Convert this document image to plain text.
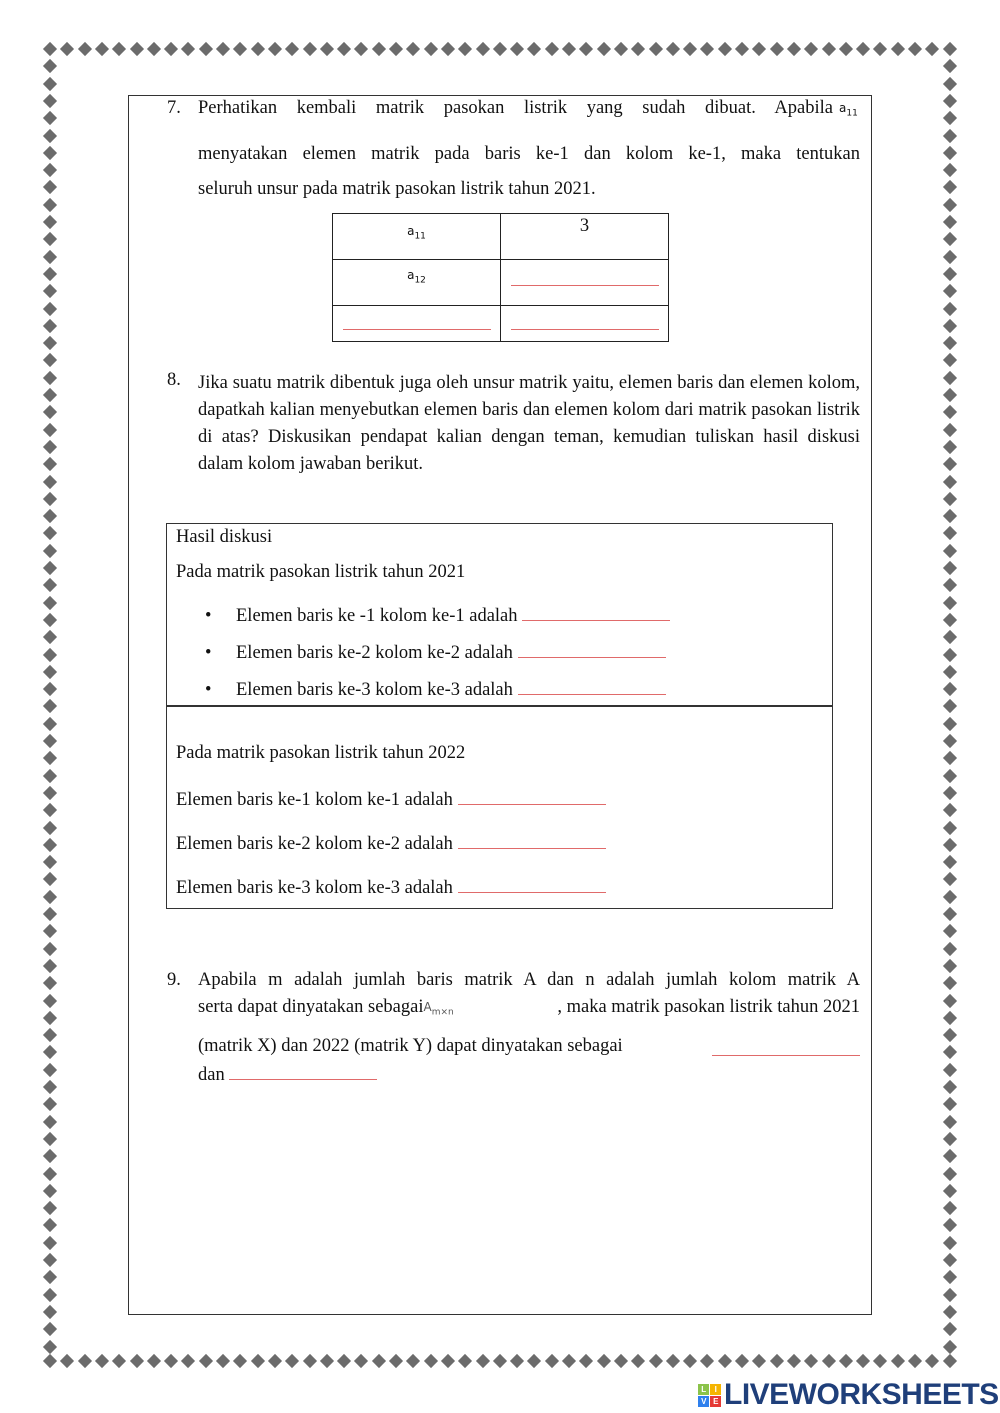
7. Perhatikan kembali matrik pasokan listrik yang sudah dibuat. Apabila $a_{11}$
menyatakan elemen matrik pada baris ke-1 dan kolom ke-1, maka tentukan
seluruh unsur pada matrik pasokan listrik tahun 2021.
$a_{11}$	3
$a_{12}$	

8. Jika suatu matrik dibentuk juga oleh unsur matrik yaitu, elemen baris dan elemen kolom, dapatkah kalian menyebutkan elemen baris dan elemen kolom dari matrik pasokan listrik di atas? Diskusikan pendapat kalian dengan teman, kemudian tuliskan hasil diskusi dalam kolom jawaban berikut.
Hasil diskusi
Pada matrik pasokan listrik tahun 2021
• Elemen baris ke -1 kolom ke-1 adalah
• Elemen baris ke-2 kolom ke-2 adalah
• Elemen baris ke-3 kolom ke-3 adalah
Pada matrik pasokan listrik tahun 2022
Elemen baris ke-1 kolom ke-1 adalah
Elemen baris ke-2 kolom ke-2 adalah
Elemen baris ke-3 kolom ke-3 adalah
9. Apabila m adalah jumlah baris matrik A dan n adalah jumlah kolom matrik A
serta dapat dinyatakan sebagai $A_{m\times n}$	, maka matrik pasokan listrik tahun 2021
(matrik X) dan 2022 (matrik Y) dapat dinyatakan sebagai
dan
L	I
V E LIVEWORKSHEETS
